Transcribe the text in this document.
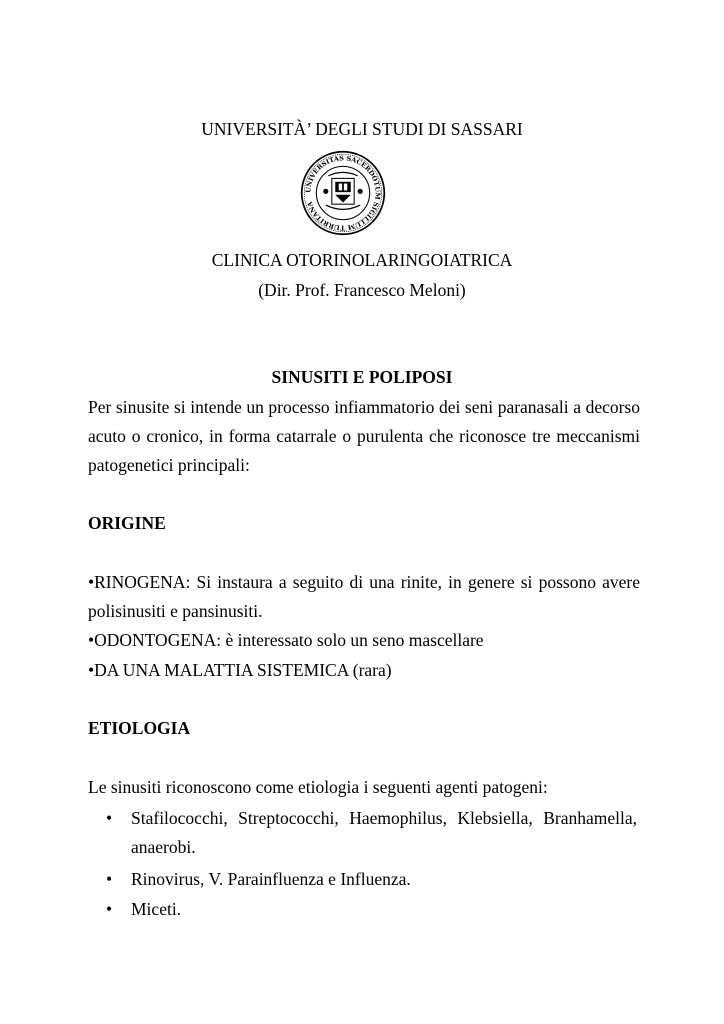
UNIVERSITÀ’ DEGLI STUDI DI SASSARI
UNIVERSITAS SACERDOTUM SIGILLUM TURRITANA
CLINICA OTORINOLARINGOIATRICA
(Dir. Prof. Francesco Meloni)
SINUSITI E POLIPOSI
Per sinusite si intende un processo infiammatorio dei seni paranasali a decorso
acuto o cronico, in forma catarrale o purulenta che riconosce tre meccanismi
patogenetici principali:
ORIGINE
•RINOGENA: Si instaura a seguito di una rinite, in genere si possono avere
polisinusiti e pansinusiti.
•ODONTOGENA: è interessato solo un seno mascellare
•DA UNA MALATTIA SISTEMICA (rara)
ETIOLOGIA
Le sinusiti riconoscono come etiologia i seguenti agenti patogeni:
• Stafilococchi, Streptococchi, Haemophilus, Klebsiella, Branhamella,
anaerobi.
• Rinovirus, V. Parainfluenza e Influenza.
• Miceti.
